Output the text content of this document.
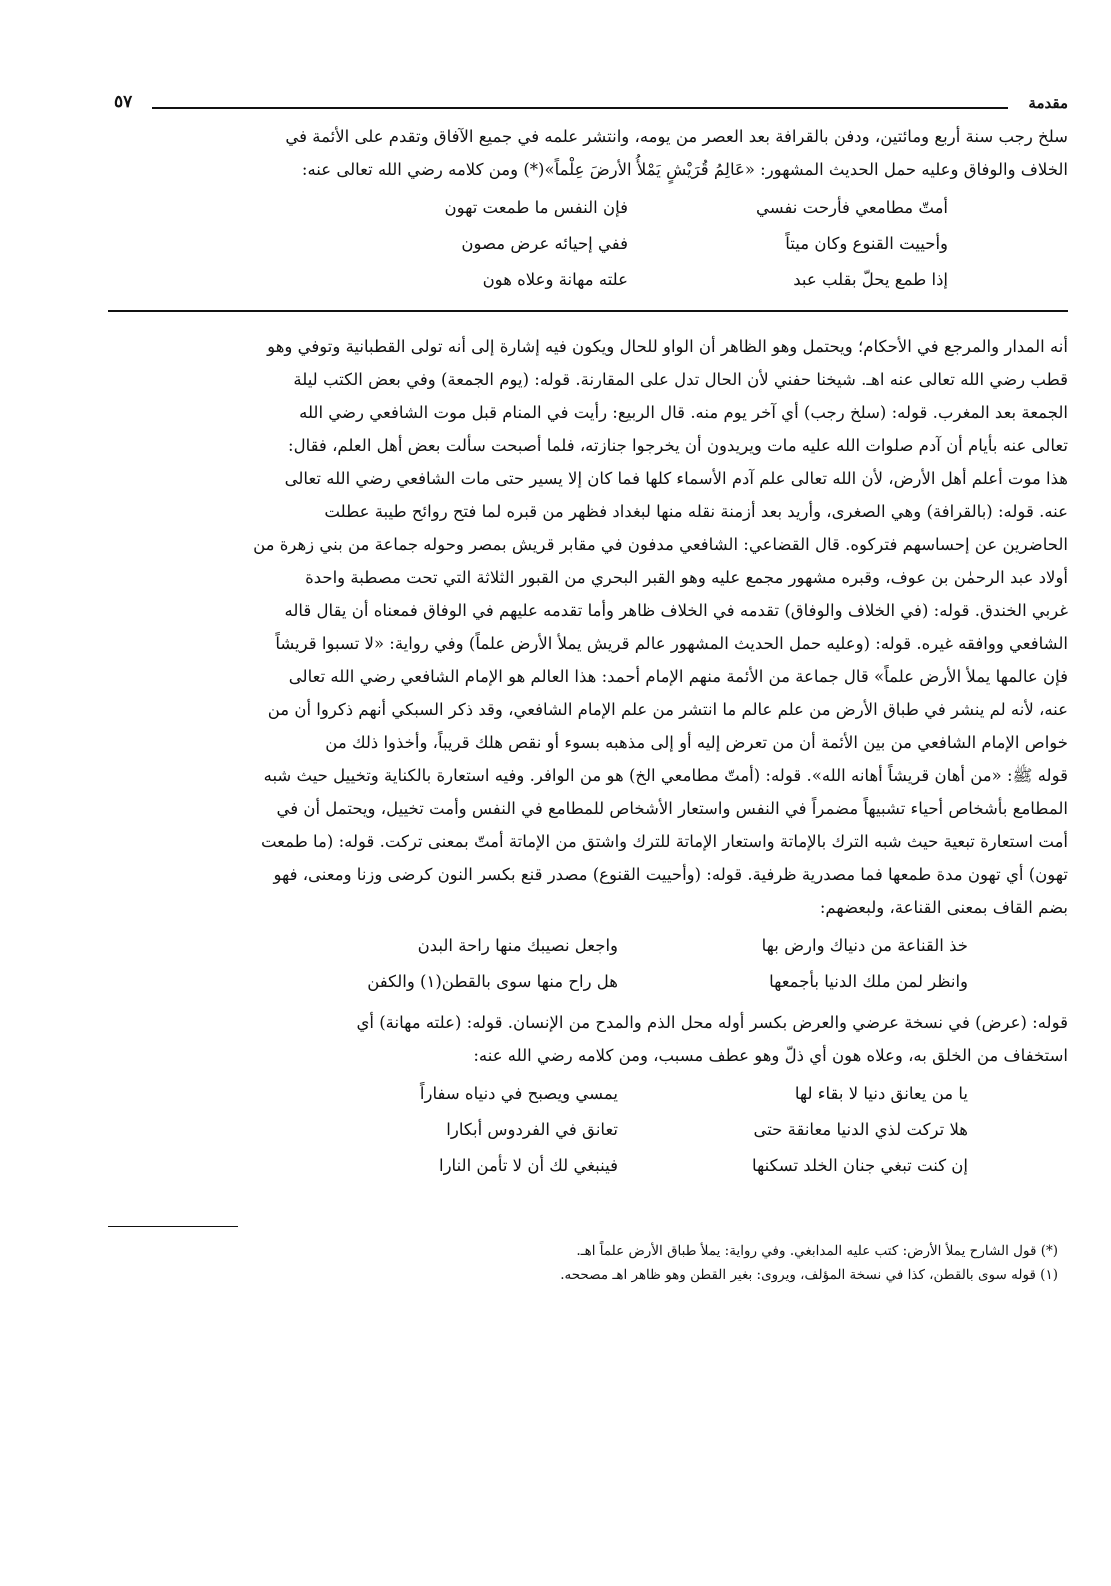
مقدمة
٥٧

سلخ رجب سنة أربع ومائتين، ودفن بالقرافة بعد العصر من يومه، وانتشر علمه في جميع الآفاق وتقدم على الأئمة في

الخلاف والوفاق وعليه حمل الحديث المشهور: «عَالِمُ قُرَيْشٍ يَمْلأُ الأرضَ عِلْماً»(*) ومن كلامه رضي الله تعالى عنه:

أمتّ مطامعي فأرحت نفسي
فإن النفس ما طمعت تهون
وأحييت القنوع وكان ميتاً
ففي إحيائه عرض مصون
إذا طمع يحلّ بقلب عبد
علته مهانة وعلاه هون

أنه المدار والمرجع في الأحكام؛ ويحتمل وهو الظاهر أن الواو للحال ويكون فيه إشارة إلى أنه تولى القطبانية وتوفي وهو

قطب رضي الله تعالى عنه اهـ. شيخنا حفني لأن الحال تدل على المقارنة. قوله: (يوم الجمعة) وفي بعض الكتب ليلة

الجمعة بعد المغرب. قوله: (سلخ رجب) أي آخر يوم منه. قال الربيع: رأيت في المنام قبل موت الشافعي رضي الله

تعالى عنه بأيام أن آدم صلوات الله عليه مات ويريدون أن يخرجوا جنازته، فلما أصبحت سألت بعض أهل العلم، فقال:

هذا موت أعلم أهل الأرض، لأن الله تعالى علم آدم الأسماء كلها فما كان إلا يسير حتى مات الشافعي رضي الله تعالى

عنه. قوله: (بالقرافة) وهي الصغرى، وأريد بعد أزمنة نقله منها لبغداد فظهر من قبره لما فتح روائح طيبة عطلت

الحاضرين عن إحساسهم فتركوه. قال القضاعي: الشافعي مدفون في مقابر قريش بمصر وحوله جماعة من بني زهرة من

أولاد عبد الرحمٰن بن عوف، وقبره مشهور مجمع عليه وهو القبر البحري من القبور الثلاثة التي تحت مصطبة واحدة

غربي الخندق. قوله: (في الخلاف والوفاق) تقدمه في الخلاف ظاهر وأما تقدمه عليهم في الوفاق فمعناه أن يقال قاله

الشافعي ووافقه غيره. قوله: (وعليه حمل الحديث المشهور عالم قريش يملأ الأرض علماً) وفي رواية: «لا تسبوا قريشاً

فإن عالمها يملأ الأرض علماً» قال جماعة من الأئمة منهم الإمام أحمد: هذا العالم هو الإمام الشافعي رضي الله تعالى

عنه، لأنه لم ينشر في طباق الأرض من علم عالم ما انتشر من علم الإمام الشافعي، وقد ذكر السبكي أنهم ذكروا أن من

خواص الإمام الشافعي من بين الأئمة أن من تعرض إليه أو إلى مذهبه بسوء أو نقص هلك قريباً، وأخذوا ذلك من

قوله ﷺ: «من أهان قريشاً أهانه الله». قوله: (أمتّ مطامعي الخ) هو من الوافر. وفيه استعارة بالكناية وتخييل حيث شبه

المطامع بأشخاص أحياء تشبيهاً مضمراً في النفس واستعار الأشخاص للمطامع في النفس وأمت تخييل، ويحتمل أن في

أمت استعارة تبعية حيث شبه الترك بالإماتة واستعار الإماتة للترك واشتق من الإماتة أمتّ بمعنى تركت. قوله: (ما طمعت

تهون) أي تهون مدة طمعها فما مصدرية ظرفية. قوله: (وأحييت القنوع) مصدر قنع بكسر النون كرضى وزنا ومعنى، فهو

بضم القاف بمعنى القناعة، ولبعضهم:

خذ القناعة من دنياك وارض بها
واجعل نصيبك منها راحة البدن
وانظر لمن ملك الدنيا بأجمعها
هل راح منها سوى بالقطن(١) والكفن

قوله: (عرض) في نسخة عرضي والعرض بكسر أوله محل الذم والمدح من الإنسان. قوله: (علته مهانة) أي

استخفاف من الخلق به، وعلاه هون أي ذلّ وهو عطف مسبب، ومن كلامه رضي الله عنه:

يا من يعانق دنيا لا بقاء لها
يمسي ويصبح في دنياه سفاراً
هلا تركت لذي الدنيا معانقة حتى
تعانق في الفردوس أبكارا
إن كنت تبغي جنان الخلد تسكنها
فينبغي لك أن لا تأمن النارا
(*) قول الشارح يملأ الأرض: كتب عليه المدابغي. وفي رواية: يملأ طباق الأرض علماً اهـ.
(١) قوله سوى بالقطن، كذا في نسخة المؤلف، ويروى: بغير القطن وهو ظاهر اهـ مصححه.
